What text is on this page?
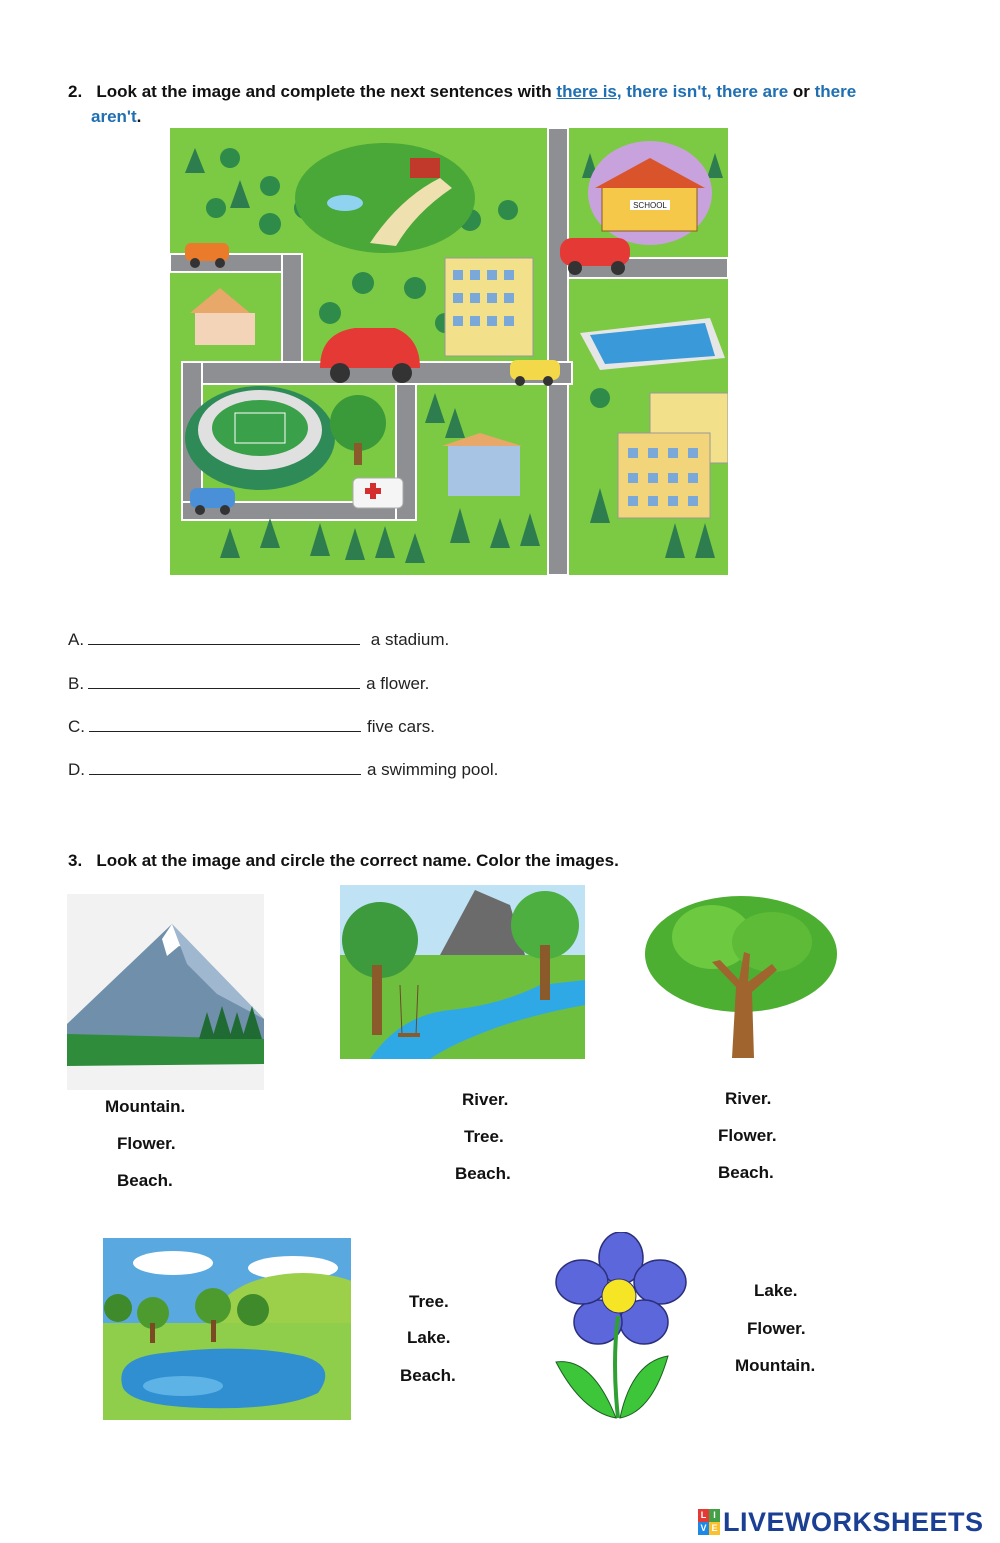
2. Look at the image and complete the next sentences with there is, there isn't, there are or there
aren't.
SCHOOL
A.	a stadium.
B.	a flower.
C.	five cars.
D.	a swimming pool.
3. Look at the image and circle the correct name. Color the images.
Mountain.
Flower.
Beach.
River.
Tree.
Beach.
River.
Flower.
Beach.
Tree.
Lake.
Beach.
Lake.
Flower.
Mountain.
L I
V E LIVEWORKSHEETS
